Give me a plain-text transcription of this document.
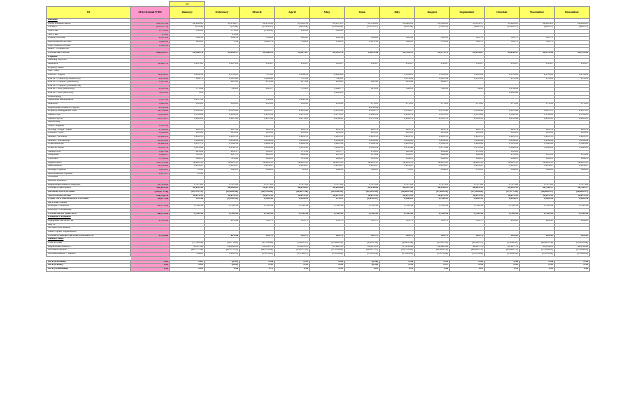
		12											
94	2012 Actual YTD	January	February	March	April	May	June	July	August	September	October	November	December
Revenue													
Gross Potential Rents	280,147.99	22,988.00	23,254.07	22,431.00	23,126.52	23,207.01	23,539.00	23,428.00	23,306.00	23,114.57	23,892.03	24,092.03	24,092.03
Vacancy	(10,570.75)	(25.00)	(25.42)	(1,593.97)	(805.00)	(1,019.00)	(1,176.57)	(935.19)	(780.53)	(266.57)	(1,026.57)	(428.57)	(428.57)
Late Fees	5,770.00	350.00	375.00	(150.00)	650.00	500.00							
NSF Fees	25.00		25.00										
Laundry Income	4,147.09	594.58	284.59	354.00	200.43	294.56	394.00	200.00	300.41	322.75	322.75	322.75	
Miscellaneous Income	3,498.98	229.00	5.34	1,298.79	534.00	258.00	3,213.56	249.91	155.00	192.75	192.75	192.75	
Late Transfer Income	1,120.52												
Rents - Commercial													
TOTAL REVENUE	284,941.17	23,280.70	23,444.37	23,166.22	23,427.67	23,292.76	23,411.46	23,763.31	23,174.79	23,435.67	23,638.47	24,178.40	24,178.40
Expense													
Building Services													
Insurance	10,620.78	1,047.00	1,047.00	852.67	852.67	852.67	852.67	852.67	852.67	852.67	852.67	852.67	852.67
Property Taxes													
Gas / Heat													
Electric / Lights	14,489.93	1,824.58	2,335.65	787.63	1,264.59	2,906.69		1,392.63	1,192.00	1,895.00	2,276.00	2,276.00	2,276.00
R & M - Contract(commercial)	9,835.80	804.73	1,310.88	1,298.40	787.63	780.00		1,211.09	1,210.34	1,070.00	972.09	972.09	972.09
R & M - Contract (materials)	5,567.68		422.40	478.89	817.69	224.00	600.40	901.96	294.07				
R & M - Contract (commercial)													
R & M - Staff (materials)	8,541.38	573.84	768.62	992.27	553.00	1,048.77	221.29	548.20	588.90	54.00	1,254.99		
R & M - Staff (services)	3,611.93	431				1,000.00					1,002.00		
Landscaping													
Hazardous Maintenance	5,387.50	1,037.50		350.00	1,040.34								
Janitorial	3,420.00	285.00	285.00	285.00	285.00	285.00	275.00	275.00	275.00	275.00	275.00	275.00	275.00
Replacement Reserve Eligible	4,230.99						4,230.99						
Property Management Fees	26,784.49	2,192.00	2,191.88	2,301.57	2,222.49	2,245.09	2,199.75	2,184.87	2,235.49	2,109.49	2,205.49	2,267.25	2,267.25
Onsite Cost	13,458.00	1,141.64	1,061.22	1,083.56	1,078.12	1,075.85	1,082.20	1,082.72	1,101.35	1,211.64	1,188.50	1,159.93	1,159.93
Onsite Payroll	25,176.07	1,990.02	1,897.96	1,907.69	1,671.03	2,056.43	2,137.24	1,989.72	2,361.72	2,143.33	2,033.49	2,020.85	2,020.85
Advertising													
Office Supplies	1,147.28												
Accting / Legal / Audit	8,748.08	661.55	667.59	663.76	663.76	661.76	663.76	661.76	663.76	693.76	693.76	693.76	693.76
Contract - Pest	3,548.00	295.00	295.00	295.00	295.00	295.00	295.00	295.00	295.00	295.00	295.00	295.00	295.00
Interest - MSHDA	23,840.02	1,993.31	1,993.31	1,993.31	1,993.31	1,993.31	1,993.31	1,993.31	1,993.31	1,993.31	1,993.31	1,993.31	1,993.31
Interest - Partnership	41,819.88	3,484.99	3,484.99	3,484.99	3,484.99	3,484.99	3,484.99	3,484.99	3,484.99	3,484.99	3,484.99	3,484.99	3,484.99
Trash Removal	18,660.29	1,437.71	1,588.39	1,499.39	1,469.39	1,420.36	1,596.38	1,403.00	1,394.52	1,609.98	1,525.98	1,560.98	1,560.98
Water & Sewer	15,129.79	1,023.84	2,030.35	1,208.88	1,223.41	1,269.30	1,265.24	1,232.40	1,275.46	1,270.00	1,240.00	1,240.00	1,240.00
Natural Gas	3,897.99	423.06	414.57	361.47	373.56	312.77	253.00	228.98	269.98	270.00	285.00		
Telephone	5,896.87	510.47	467.78	428.95	489.98	487.23	471.64	455.87	466.96	469.42	470.00	470.00	470.00
Uniforms	3,742.90	294.23	311.46	294.23	311.46	294.23	303.93	294.23	294.23	294.23	294.23	294.23	294.23
Depreciation	225,723.99	18,810.33	18,810.33	18,810.33	18,810.33	18,810.33	18,810.33	18,810.33	18,810.33	18,810.33	18,810.33	18,810.33	18,810.33
Amortization	12,239.64	1,019.97	1,019.97	1,019.97	1,019.97	1,019.97	1,019.97	1,019.97	1,019.97	1,019.97	1,019.97	1,019.97	1,019.97
Mileage Expense	3,083.25	35.90	260.00	284.00	98.00	249.00	364.00	78.00	264.00	233.00	264.00	264.00	264.00
Miscellaneous Expense	6,127.07	23.00											
Overhead													
Reward Incentive													
Replacement Reserve Deposits	20,724.96	1,727.08	1,727.08	1,727.08	1,727.08	1,727.08	1,727.08	1,727.08	1,727.08	1,727.08	1,727.08	1,727.08	1,727.08
TOTAL EXPENSES	499,212.93	43,042.49	46,908.85	39,875.82	40,054.83	42,889.68	45,336.88	40,367.43	40,258.01	40,825.51	41,016.41	40,788.37	40,788.37
OPERATING INCOME	(214,271.76)	(19,761.79)	(23,464.48)	(16,709.60)	(16,627.16)	(19,596.92)	(21,925.42)	(16,604.12)	(17,083.22)	(17,389.84)	(17,377.94)	(16,609.97)	(16,609.97)
NON-CASH ITEMS	238,748.76	19,872.15	19,872.15	19,872.15	19,872.15	19,872.15	19,872.15	19,872.15	19,872.15	19,872.15	19,872.15	19,872.15	19,872.15
CASH NET OPERATING INCOME	24,477.00	110.36	(3,592.33)	3,162.55	3,244.99	275.23	(2,053.27)	3,268.03	2,788.93	2,482.31	2,494.21	3,262.18	3,262.18
ACTUAL CASH													
Principal - MSHDA	68,173.04	5,700.54	5,700.54	5,700.54	5,700.54	5,700.54	5,700.54	5,700.54	5,700.54	5,700.54	5,700.54	5,700.54	5,700.54
Principal - Partnership													
TOTAL DEBT SERVICE	68,173.04	5,700.54	5,700.54	5,700.54	5,700.54	5,700.54	5,700.54	5,700.54	5,700.54	5,700.54	5,700.54	5,700.54	5,700.54
Financial Covenants													
Equipment Services Fee	9,743.86		613.46	516.73	516.73	516.73	516.73	516.73	516.73	516.73	909.45	909.45	909.45
MIP or													
Accrued MIP Interest													
Other Capital Expenditures													
TOTAL OTHER CAPITAL PAYMENTS	9,743.86		613.46	516.73	516.73	516.73	516.73	516.73	516.73	516.73	909.45	909.45	909.45
Balance Sheet													
Cash in Bank		(7,706.20)	(8,171.41)	(2,724.90)	(5,983.17)	(13,090.23)	(9,010.12)	(4,991.34)	(2,591.33)	(6,343.57)	(1,956.47)	(48,961.79)	(53,218.26)
Replacement Reserve		79,197.48	80,498.20	82,100.79	83,403.15	81,690.53	80,213.23	87,638.42	89,820.99	90,427.78	91,827.78	93,234.61	94,639.40
Accounts Payable		(60,717.54)	(41,173.55)	(42,133.40)	(35,017.11)	(37,116.45)	(39,817.17)	(38,701.80)	(41,009.74)	(42,441.71)	(43,862.71)	(37,004.81)	(37,004.81)
Accrued Interest - Tenants		789.60	1,045.12	(1,078.65)	(1,136.07)	(1,114.04)	(1,195.20)	(1,100.00)	(1,115.86)	(1,101.60)	(1,209.20)	(1,213.00)	(1,188.00)

DCR (Portfolio)	1.42	0.03	(0.53)	0.58	0.59	0.06	(0.36)	0.58	0.49	0.45	0.46	0.58	0.58
DCR (Lower)	1.42	0.02	(0.65)	0.53	0.53	0.04	(0.34)	0.54	0.47	0.42	0.42	0.55	0.55
DCR (Watershed)	1.34	0.02	1.48	1.75	1.56	0.95	1.04	1.29	1.48	1.01	1.14	1.42	1.48
